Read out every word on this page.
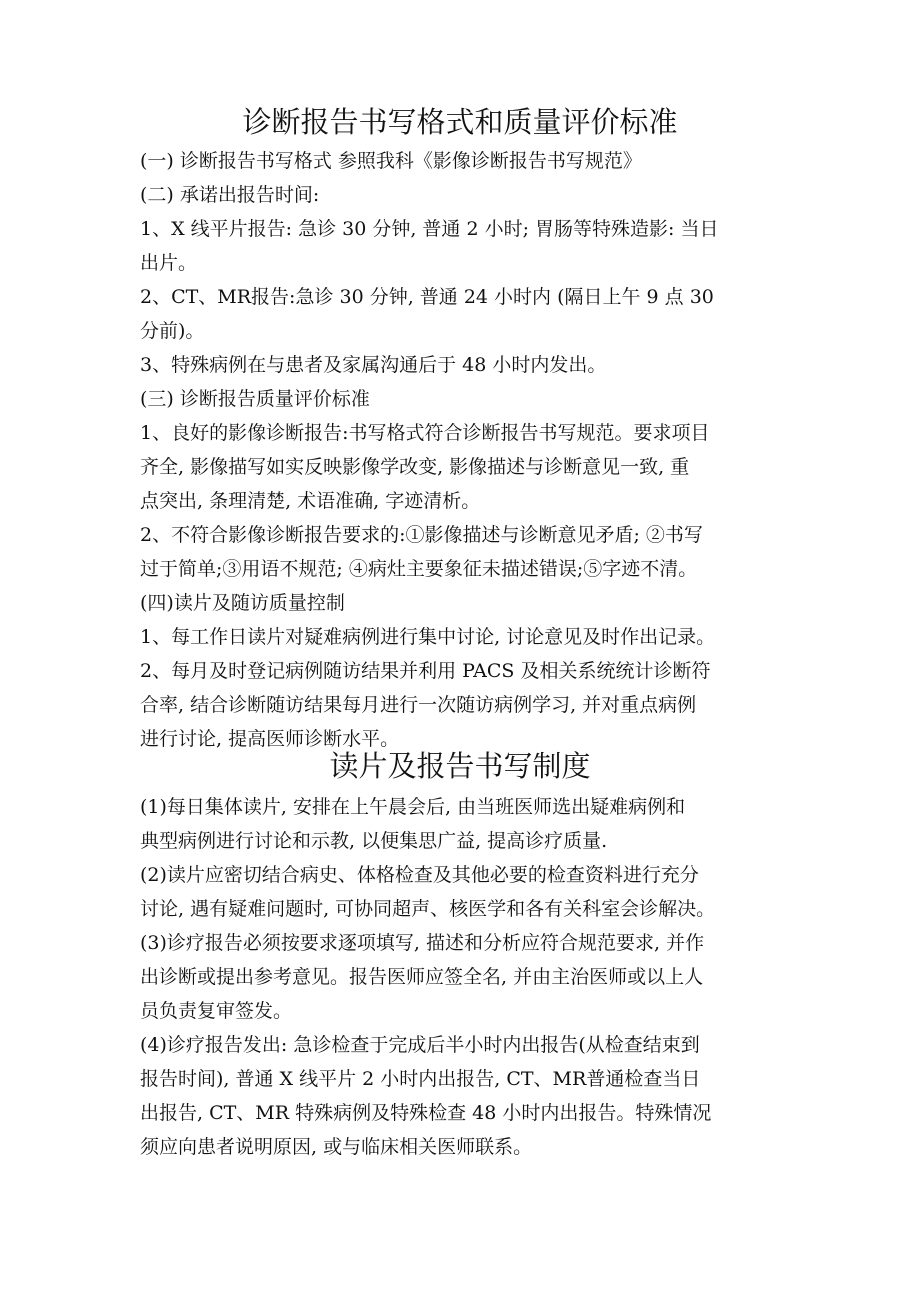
诊断报告书写格式和质量评价标准

(一) 诊断报告书写格式 参照我科《影像诊断报告书写规范》

(二) 承诺出报告时间:

1、X 线平片报告: 急诊 30 分钟, 普通 2 小时; 胃肠等特殊造影: 当日

出片。

2、CT、MR报告:急诊 30 分钟, 普通 24 小时内 (隔日上午 9 点 30

分前)。

3、特殊病例在与患者及家属沟通后于 48 小时内发出。

(三) 诊断报告质量评价标准

1、良好的影像诊断报告:书写格式符合诊断报告书写规范。要求项目

齐全, 影像描写如实反映影像学改变, 影像描述与诊断意见一致, 重

点突出, 条理清楚, 术语准确, 字迹清析。

2、不符合影像诊断报告要求的:①影像描述与诊断意见矛盾; ②书写

过于简单;③用语不规范; ④病灶主要象征未描述错误;⑤字迹不清。

(四)读片及随访质量控制

1、每工作日读片对疑难病例进行集中讨论, 讨论意见及时作出记录。

2、每月及时登记病例随访结果并利用 PACS 及相关系统统计诊断符

合率, 结合诊断随访结果每月进行一次随访病例学习, 并对重点病例

进行讨论, 提高医师诊断水平。

读片及报告书写制度

(1)每日集体读片, 安排在上午晨会后, 由当班医师选出疑难病例和

典型病例进行讨论和示教, 以便集思广益, 提高诊疗质量.

(2)读片应密切结合病史、体格检查及其他必要的检查资料进行充分

讨论, 遇有疑难问题时, 可协同超声、核医学和各有关科室会诊解决。

(3)诊疗报告必须按要求逐项填写, 描述和分析应符合规范要求, 并作

出诊断或提出参考意见。报告医师应签全名, 并由主治医师或以上人

员负责复审签发。

(4)诊疗报告发出: 急诊检查于完成后半小时内出报告(从检查结束到

报告时间), 普通 X 线平片 2 小时内出报告, CT、MR普通检查当日

出报告, CT、MR 特殊病例及特殊检查 48 小时内出报告。特殊情况

须应向患者说明原因, 或与临床相关医师联系。
